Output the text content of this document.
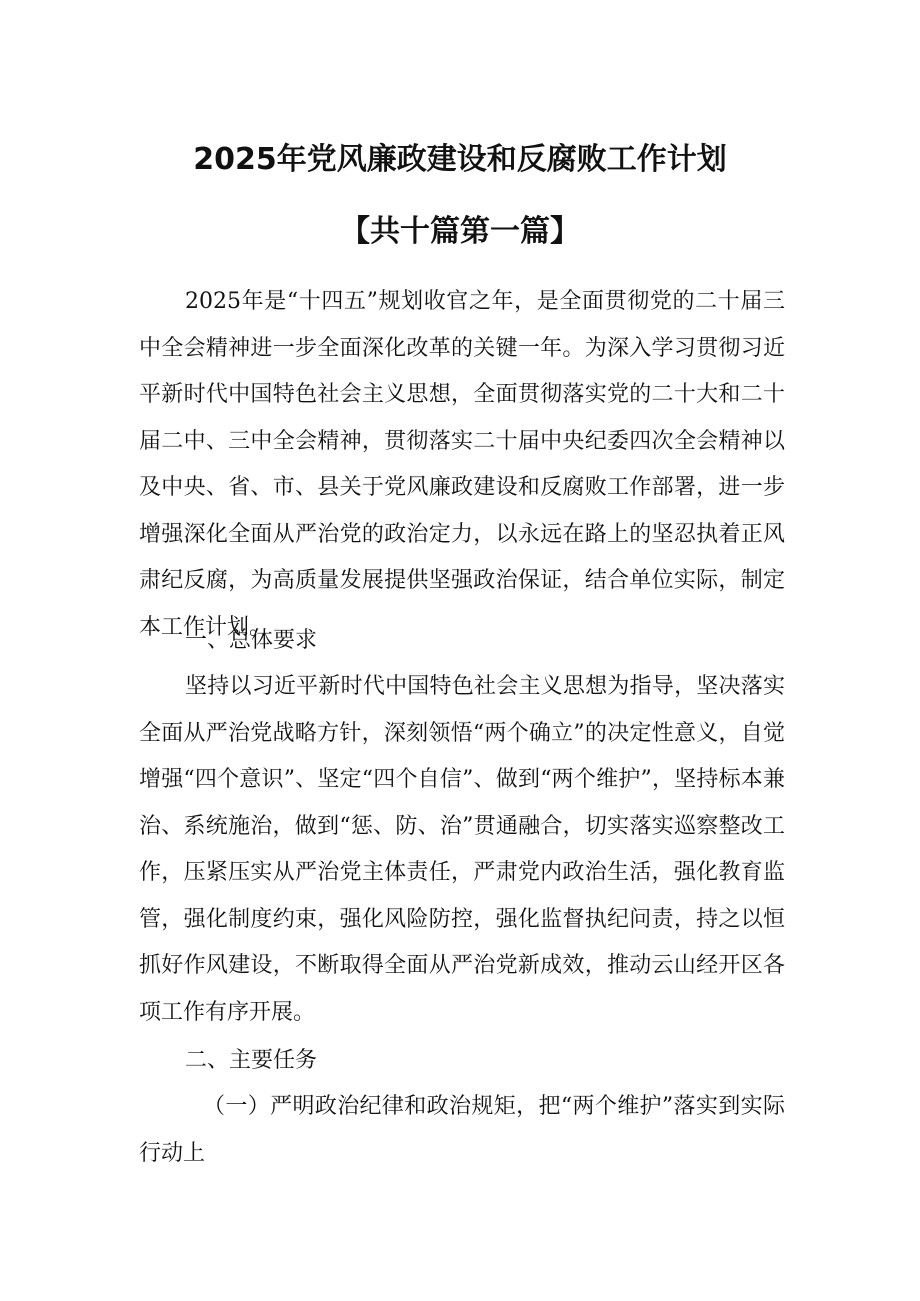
2025年党风廉政建设和反腐败工作计划
【共十篇第一篇】

2025年是“十四五”规划收官之年，是全面贯彻党的二十届三中全会精神进一步全面深化改革的关键一年。为深入学习贯彻习近平新时代中国特色社会主义思想，全面贯彻落实党的二十大和二十届二中、三中全会精神，贯彻落实二十届中央纪委四次全会精神以及中央、省、市、县关于党风廉政建设和反腐败工作部署，进一步增强深化全面从严治党的政治定力，以永远在路上的坚忍执着正风肃纪反腐，为高质量发展提供坚强政治保证，结合单位实际，制定本工作计划。

一、总体要求

坚持以习近平新时代中国特色社会主义思想为指导，坚决落实全面从严治党战略方针，深刻领悟“两个确立”的决定性意义，自觉增强“四个意识”、坚定“四个自信”、做到“两个维护”，坚持标本兼治、系统施治，做到“惩、防、治”贯通融合，切实落实巡察整改工作，压紧压实从严治党主体责任，严肃党内政治生活，强化教育监管，强化制度约束，强化风险防控，强化监督执纪问责，持之以恒抓好作风建设，不断取得全面从严治党新成效，推动云山经开区各项工作有序开展。

二、主要任务

（一）严明政治纪律和政治规矩，把“两个维护”落实到实际行动上
